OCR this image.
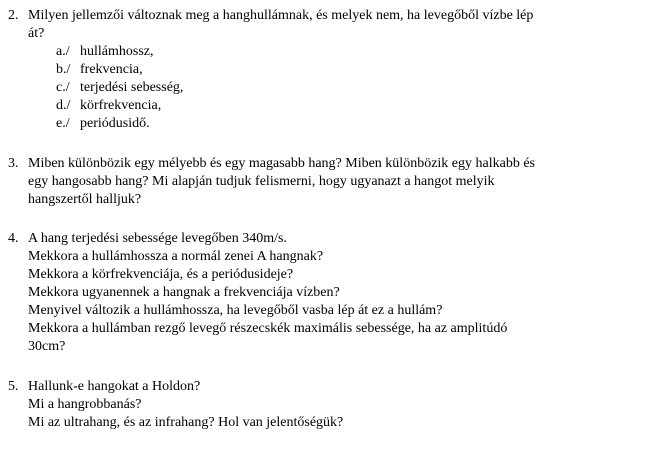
2. Milyen jellemzői változnak meg a hanghullámnak, és melyek nem, ha levegőből vízbe lép
át?
a./ hullámhossz,
b./ frekvencia,
c./ terjedési sebesség,
d./ körfrekvencia,
e./ periódusidő.
3. Miben különbözik egy mélyebb és egy magasabb hang? Miben különbözik egy halkabb és
egy hangosabb hang? Mi alapján tudjuk felismerni, hogy ugyanazt a hangot melyik
hangszertől halljuk?
4. A hang terjedési sebessége levegőben 340m/s.
Mekkora a hullámhossza a normál zenei A hangnak?
Mekkora a körfrekvenciája, és a periódusideje?
Mekkora ugyanennek a hangnak a frekvenciája vízben?
Menyivel változik a hullámhossza, ha levegőből vasba lép át ez a hullám?
Mekkora a hullámban rezgő levegő részecskék maximális sebessége, ha az amplitúdó
30cm?
5. Hallunk-e hangokat a Holdon?
Mi a hangrobbanás?
Mi az ultrahang, és az infrahang? Hol van jelentőségük?
